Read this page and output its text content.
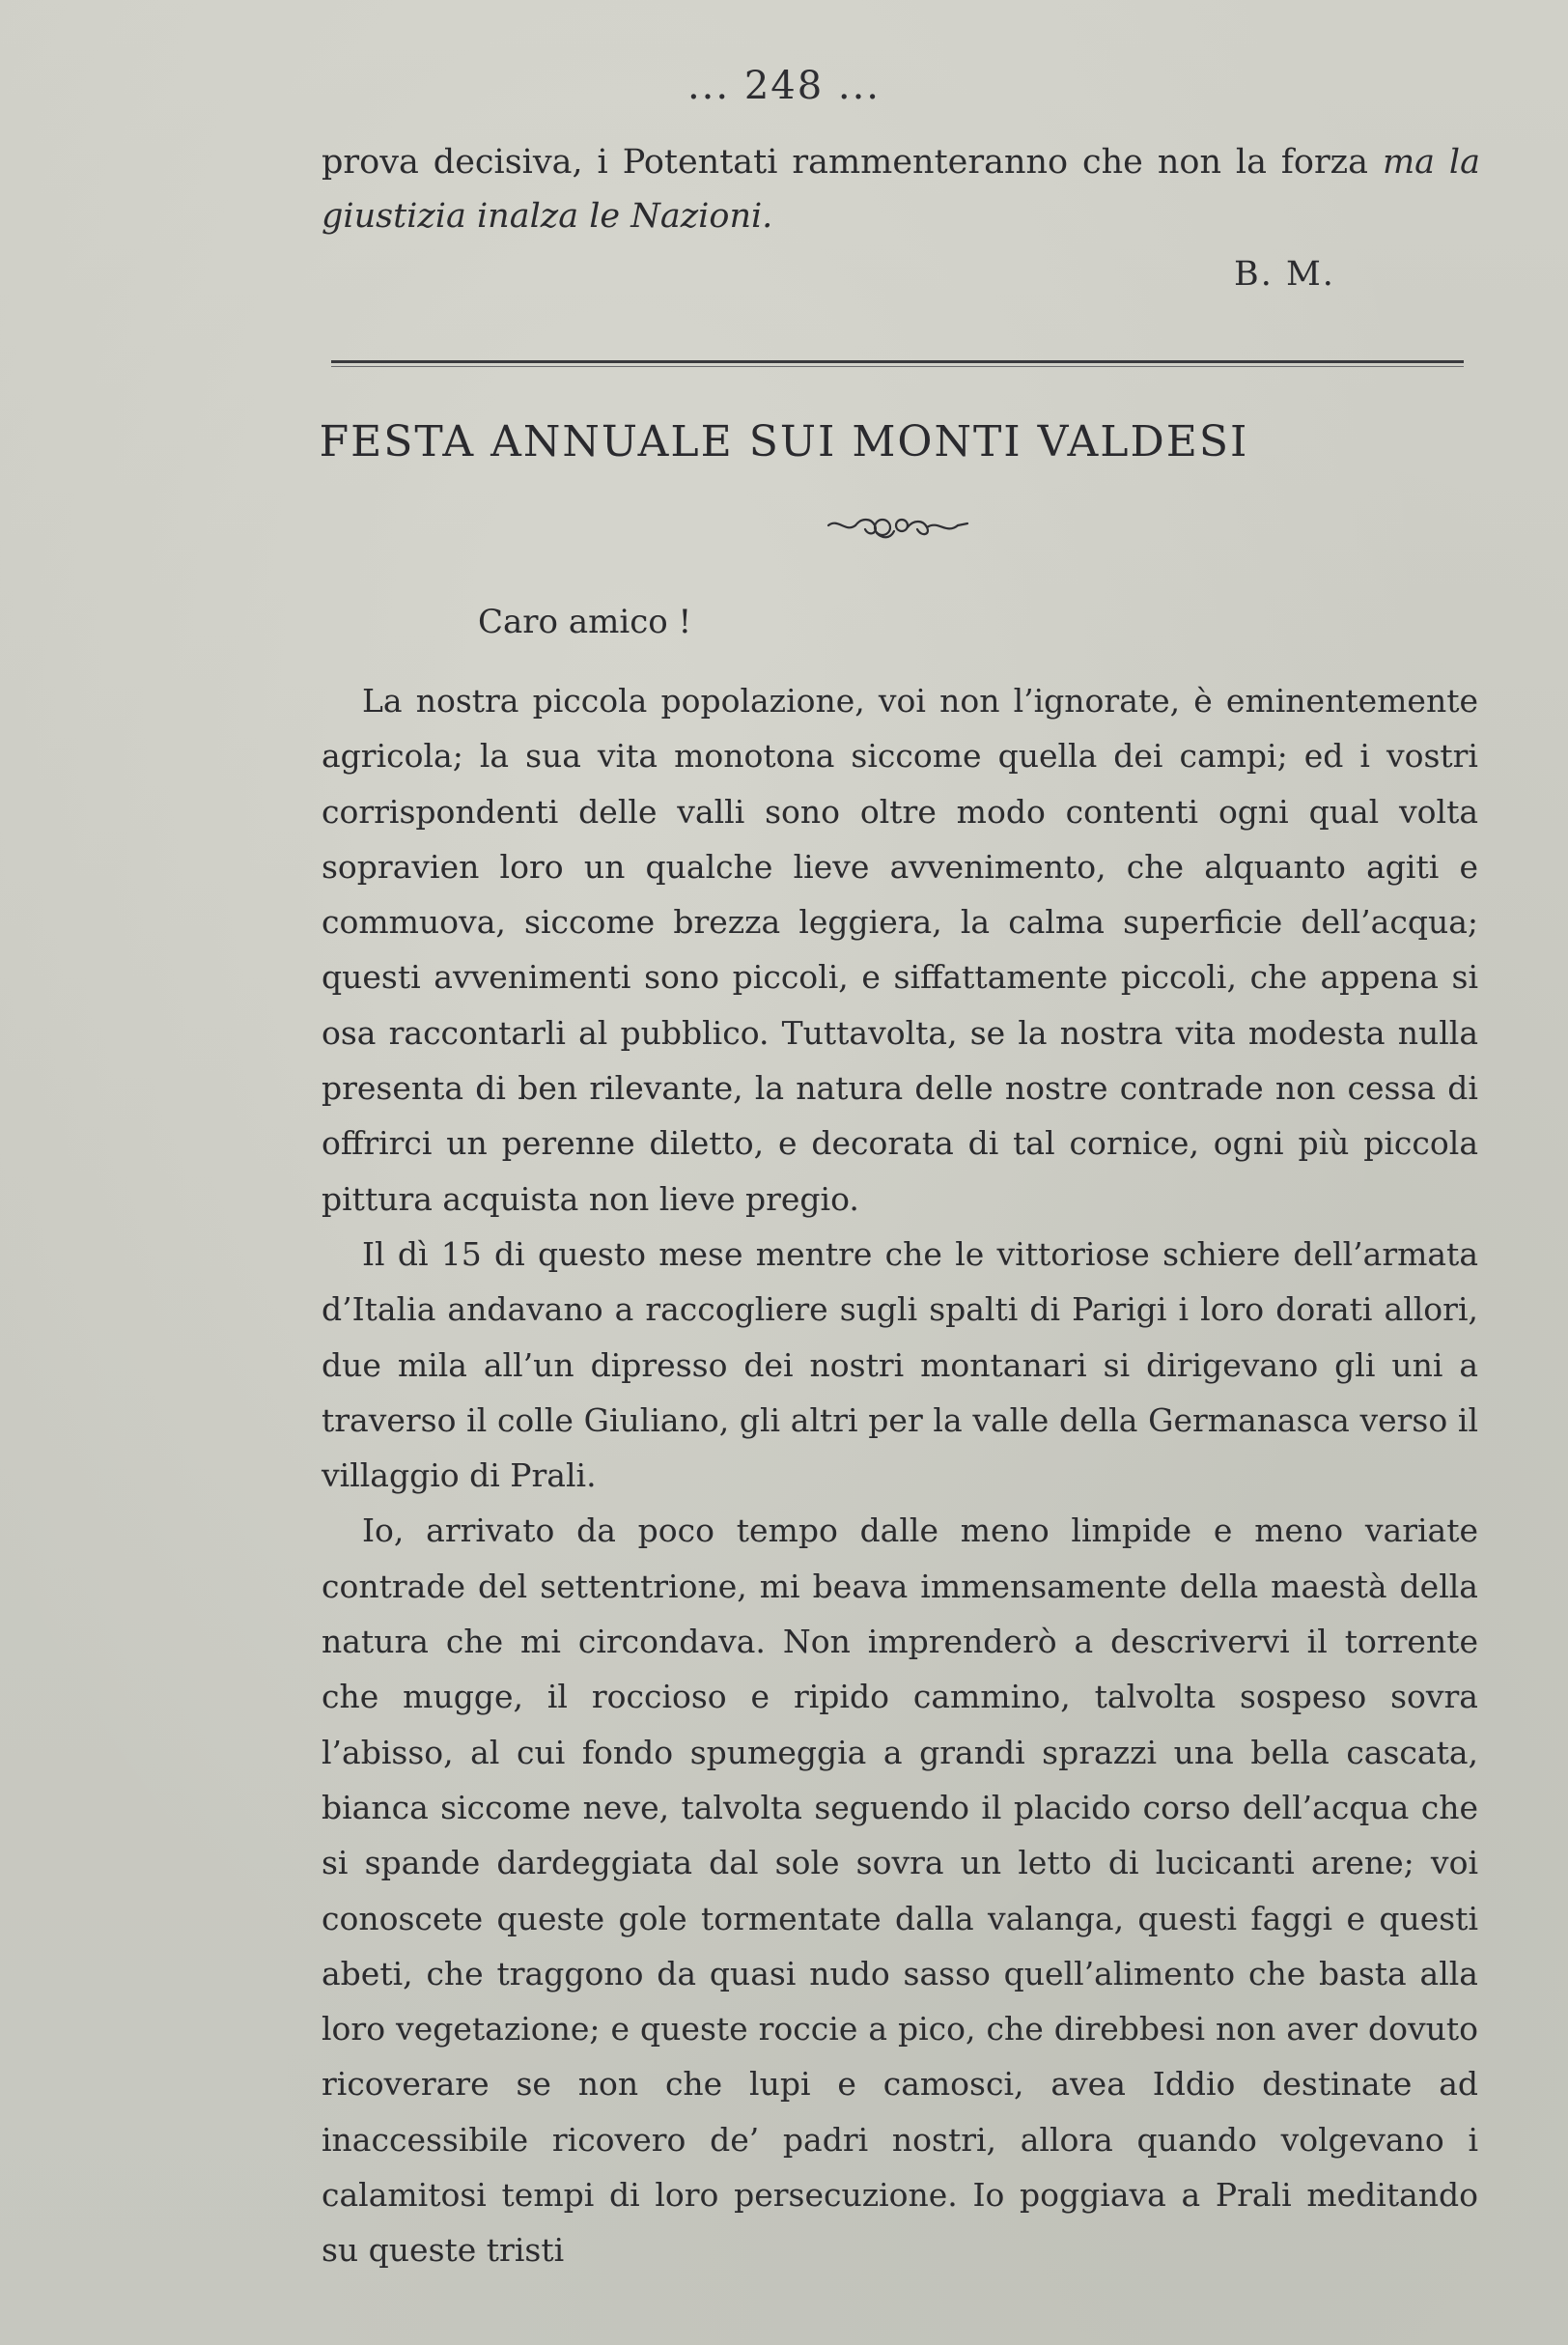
... 248 ...
prova decisiva, i Potentati rammenteranno che non la forza ma la giustizia inalza le Nazioni.
B. M.
FESTA ANNUALE SUI MONTI VALDESI
Caro amico !

La nostra piccola popolazione, voi non l’ignorate, è eminentemente agricola; la sua vita monotona siccome quella dei campi; ed i vostri corrispondenti delle valli sono oltre modo contenti ogni qual volta sopravien loro un qualche lieve avvenimento, che alquanto agiti e commuova, siccome brezza leggiera, la calma superficie dell’acqua; questi avvenimenti sono piccoli, e siffattamente piccoli, che appena si osa raccontarli al pubblico. Tuttavolta, se la nostra vita modesta nulla presenta di ben rilevante, la natura delle nostre contrade non cessa di offrirci un perenne diletto, e decorata di tal cornice, ogni più piccola pittura acquista non lieve pregio.

Il dì 15 di questo mese mentre che le vittoriose schiere dell’armata d’Italia andavano a raccogliere sugli spalti di Parigi i loro dorati allori, due mila all’un dipresso dei nostri montanari si dirigevano gli uni a traverso il colle Giuliano, gli altri per la valle della Germanasca verso il villaggio di Prali.

Io, arrivato da poco tempo dalle meno limpide e meno variate contrade del settentrione, mi beava immensamente della maestà della natura che mi circondava. Non imprenderò a descrivervi il torrente che mugge, il roccioso e ripido cammino, talvolta sospeso sovra l’abisso, al cui fondo spumeggia a grandi sprazzi una bella cascata, bianca siccome neve, talvolta seguendo il placido corso dell’acqua che si spande dardeggiata dal sole sovra un letto di lucicanti arene; voi conoscete queste gole tormentate dalla valanga, questi faggi e questi abeti, che traggono da quasi nudo sasso quell’alimento che basta alla loro vegetazione; e queste roccie a pico, che direbbesi non aver dovuto ricoverare se non che lupi e camosci, avea Iddio destinate ad inaccessibile ricovero de’ padri nostri, allora quando volgevano i calamitosi tempi di loro persecuzione. Io poggiava a Prali meditando su queste tristi
